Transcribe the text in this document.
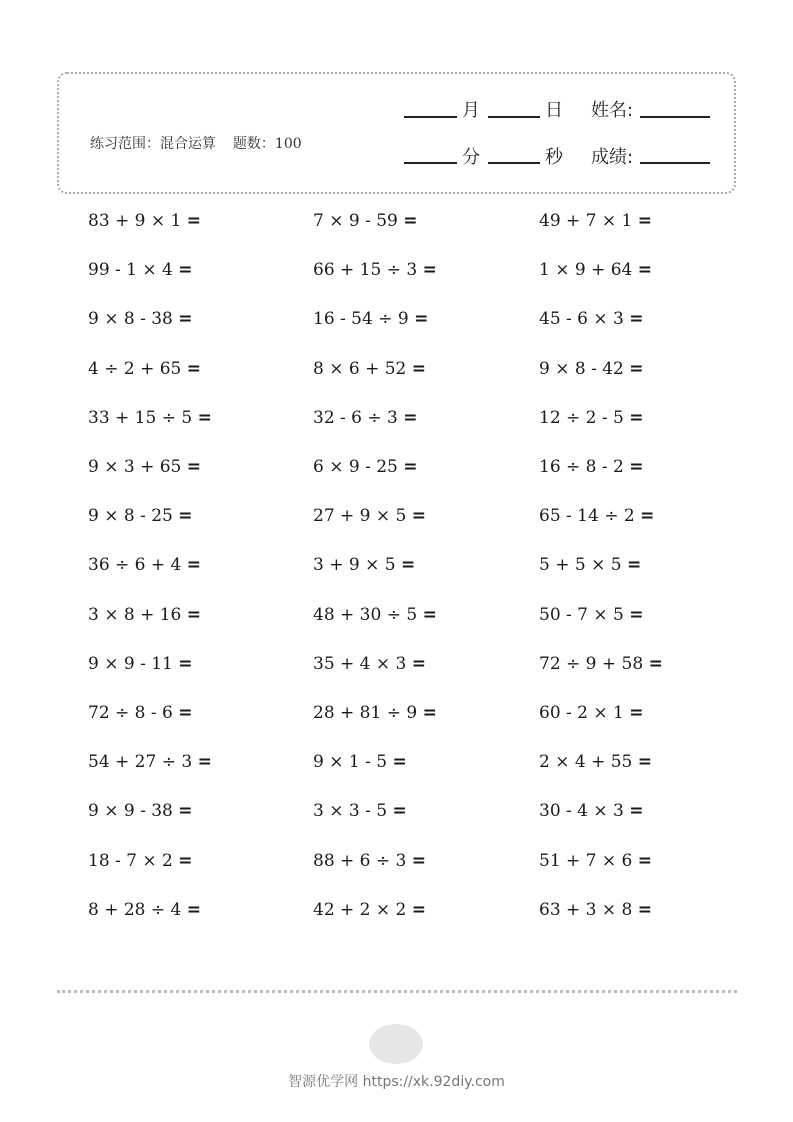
练习范围：混合运算 题数：100
月	日 姓名:
分	秒 成绩:
83 + 9 × 1 =
99 - 1 × 4 =
9 × 8 - 38 =
4 ÷ 2 + 65 =
33 + 15 ÷ 5 =
9 × 3 + 65 =
9 × 8 - 25 =
36 ÷ 6 + 4 =
3 × 8 + 16 =
9 × 9 - 11 =
72 ÷ 8 - 6 =
54 + 27 ÷ 3 =
9 × 9 - 38 =
18 - 7 × 2 =
8 + 28 ÷ 4 =
7 × 9 - 59 =
66 + 15 ÷ 3 =
16 - 54 ÷ 9 =
8 × 6 + 52 =
32 - 6 ÷ 3 =
6 × 9 - 25 =
27 + 9 × 5 =
3 + 9 × 5 =
48 + 30 ÷ 5 =
35 + 4 × 3 =
28 + 81 ÷ 9 =
9 × 1 - 5 =
3 × 3 - 5 =
88 + 6 ÷ 3 =
42 + 2 × 2 =
49 + 7 × 1 =
1 × 9 + 64 =
45 - 6 × 3 =
9 × 8 - 42 =
12 ÷ 2 - 5 =
16 ÷ 8 - 2 =
65 - 14 ÷ 2 =
5 + 5 × 5 =
50 - 7 × 5 =
72 ÷ 9 + 58 =
60 - 2 × 1 =
2 × 4 + 55 =
30 - 4 × 3 =
51 + 7 × 6 =
63 + 3 × 8 =
智源优学网 https://xk.92diy.com
